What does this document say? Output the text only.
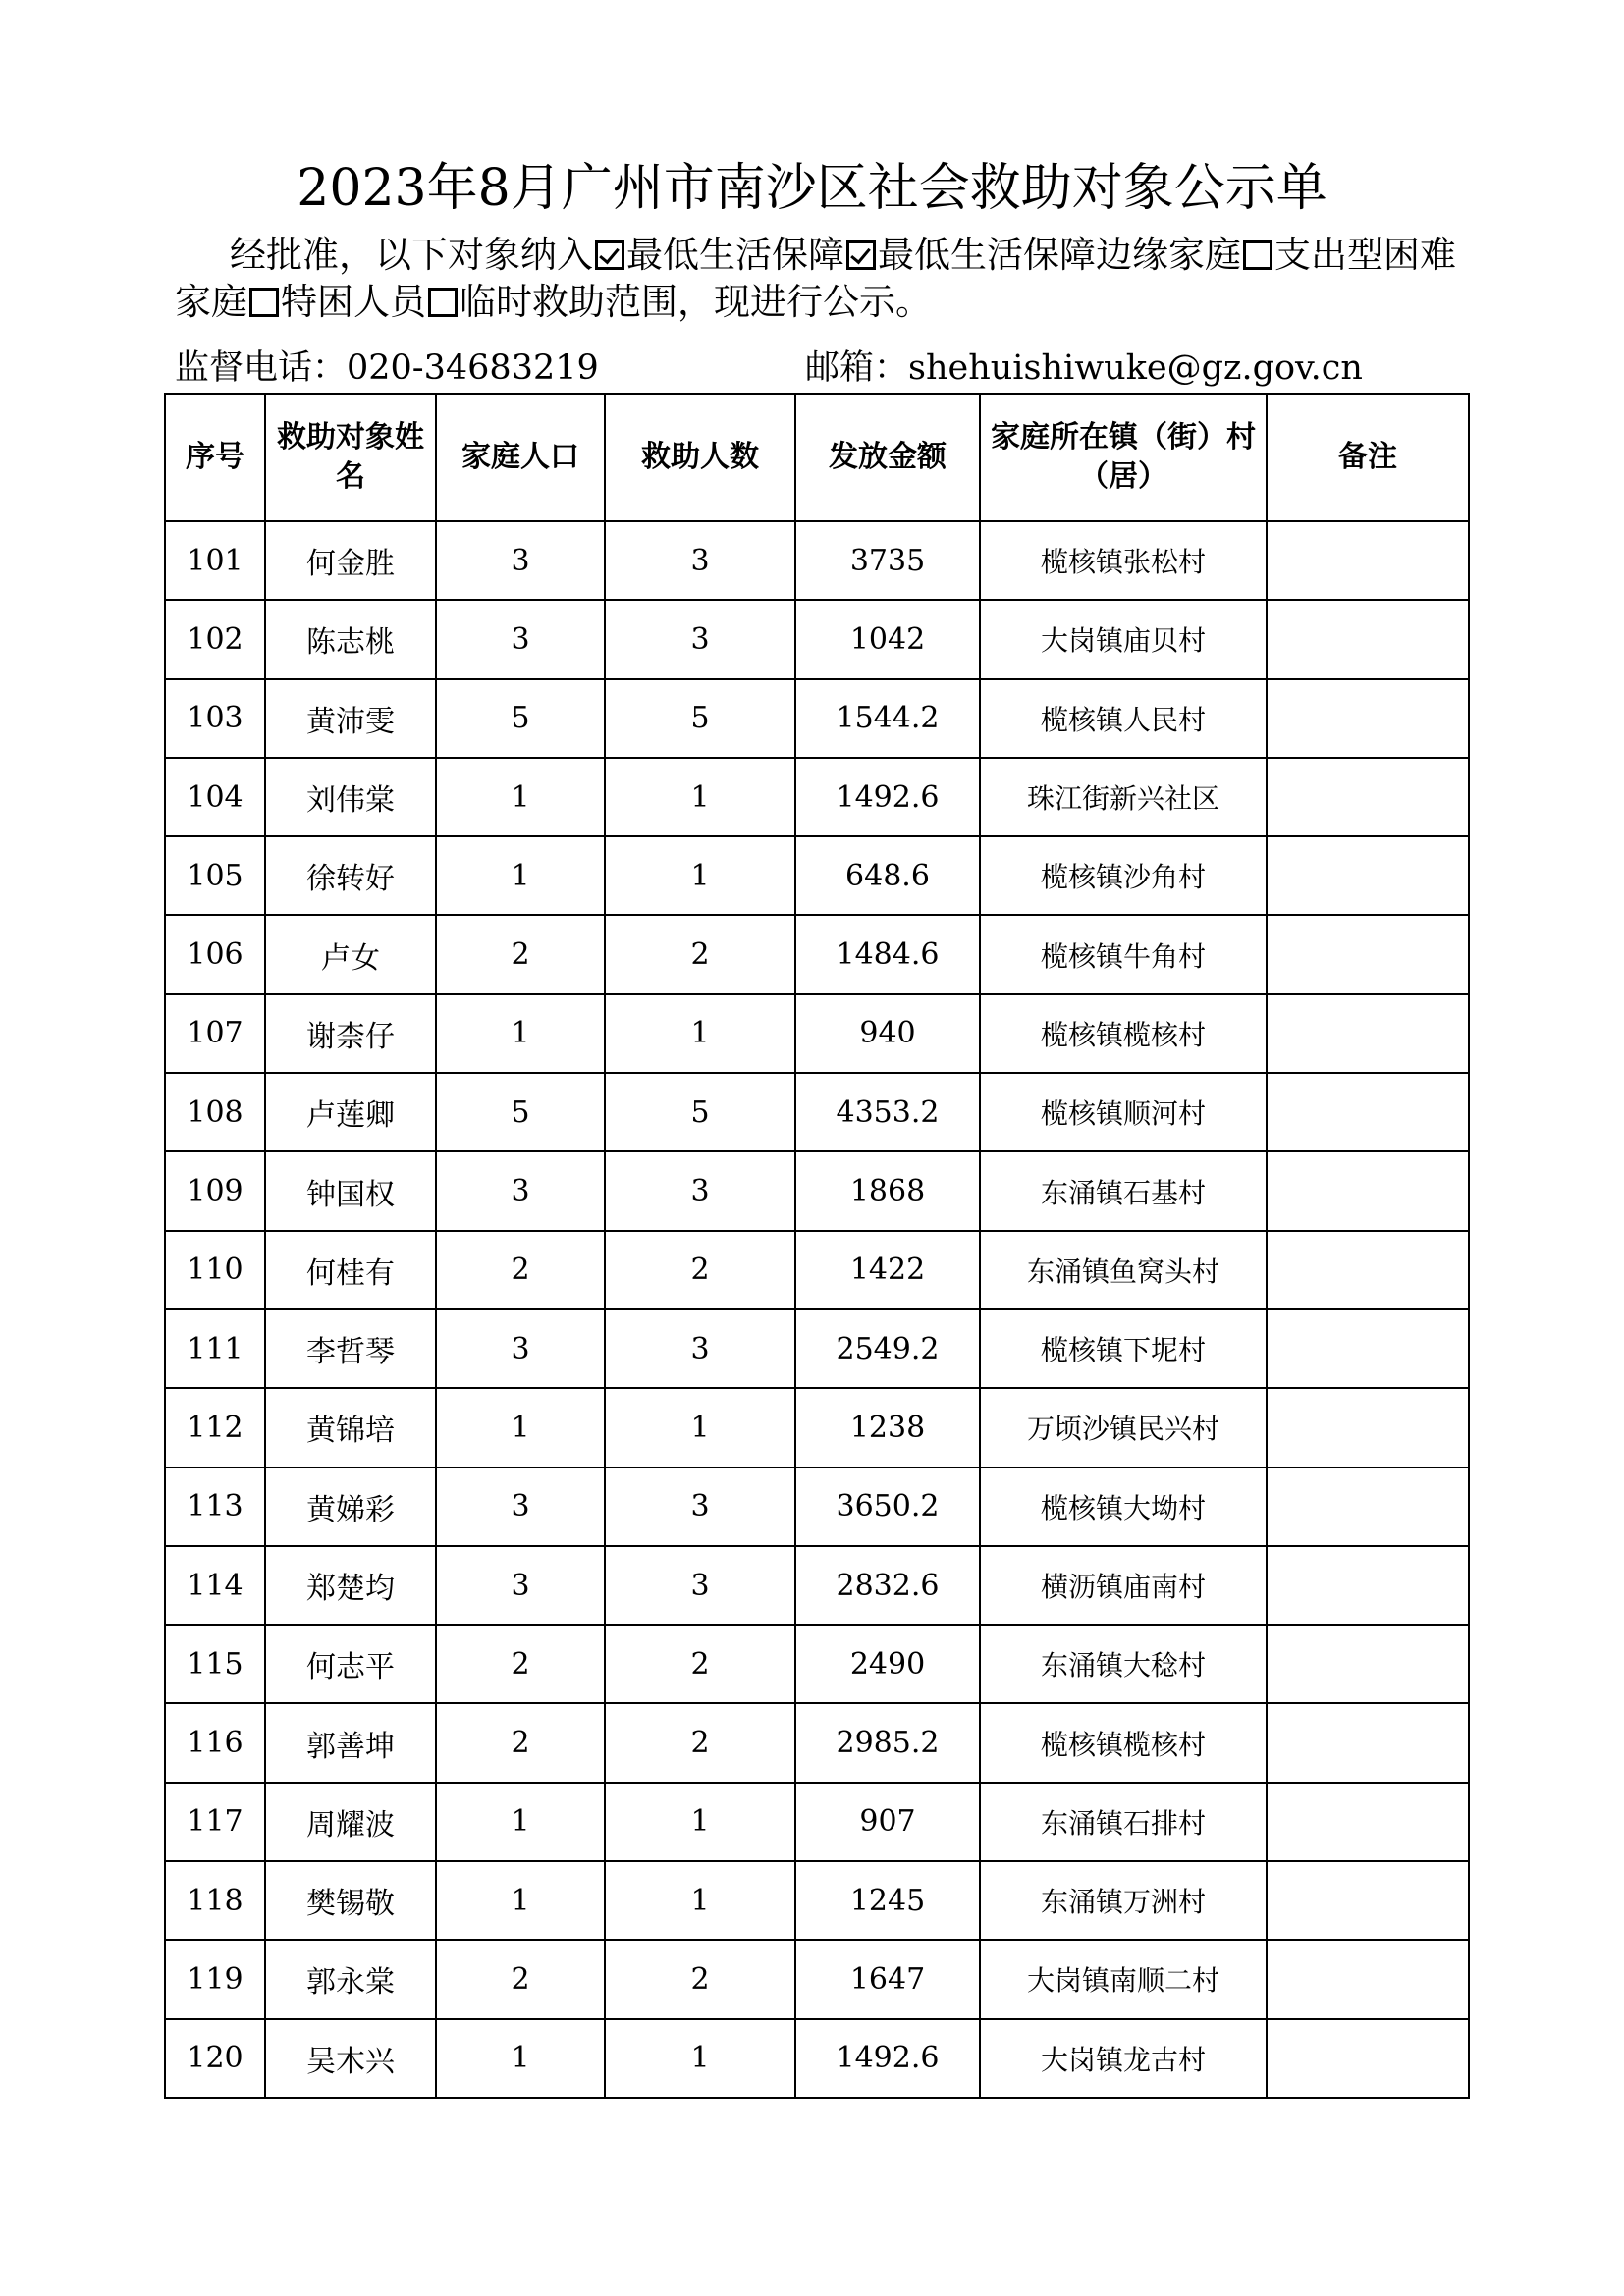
2023年8月广州市南沙区社会救助对象公示单
经批准，以下对象纳入 最低生活保障 最低生活保障边缘家庭 支出型困难家庭 特困人员 临时救助范围，现进行公示。
监督电话：020-34683219	邮箱：shehuishiwuke@gz.gov.cn
序号	救助对象姓名	家庭人口	救助人数	发放金额	家庭所在镇（街）村（居）	备注
101	何金胜	3	3	3735	榄核镇张松村	
102	陈志桃	3	3	1042	大岗镇庙贝村	
103	黄沛雯	5	5	1544.2	榄核镇人民村	
104	刘伟棠	1	1	1492.6	珠江街新兴社区	
105	徐转好	1	1	648.6	榄核镇沙角村	
106	卢女	2	2	1484.6	榄核镇牛角村	
107	谢柰仔	1	1	940	榄核镇榄核村	
108	卢莲卿	5	5	4353.2	榄核镇顺河村	
109	钟国权	3	3	1868	东涌镇石基村	
110	何桂有	2	2	1422	东涌镇鱼窝头村	
111	李哲琴	3	3	2549.2	榄核镇下坭村	
112	黄锦培	1	1	1238	万顷沙镇民兴村	
113	黄娣彩	3	3	3650.2	榄核镇大坳村	
114	郑楚均	3	3	2832.6	横沥镇庙南村	
115	何志平	2	2	2490	东涌镇大稔村	
116	郭善坤	2	2	2985.2	榄核镇榄核村	
117	周耀波	1	1	907	东涌镇石排村	
118	樊锡敬	1	1	1245	东涌镇万洲村	
119	郭永棠	2	2	1647	大岗镇南顺二村	
120	吴木兴	1	1	1492.6	大岗镇龙古村	
